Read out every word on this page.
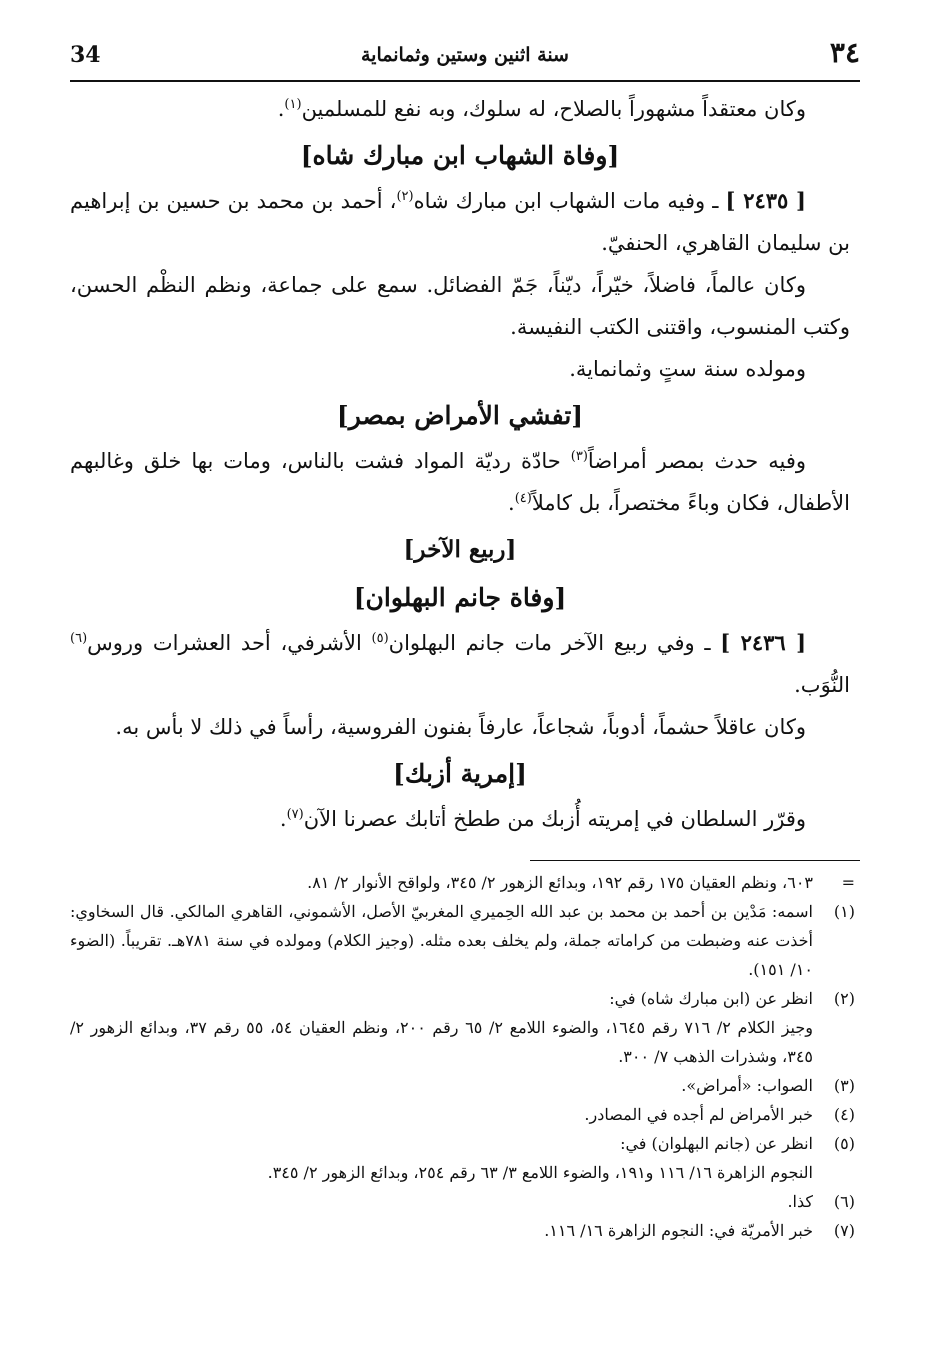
34	سنة اثنين وستين وثمانماية	٣٤

وكان معتقداً مشهوراً بالصلاح، له سلوك، وبه نفع للمسلمين$^{(١)}$.

[وفاة الشهاب ابن مبارك شاه]

[ ٢٤٣٥ ] ـ وفيه مات الشهاب ابن مبارك شاه$^{(٢)}$، أحمد بن محمد بن حسين بن إبراهيم بن سليمان القاهري، الحنفيّ.

وكان عالماً، فاضلاً، خيّراً، ديّناً، جَمّ الفضائل. سمع على جماعة، ونظم النظْم الحسن، وكتب المنسوب، واقتنى الكتب النفيسة.

ومولده سنة ستٍ وثمانماية.

[تفشي الأمراض بمصر]

وفيه حدث بمصر أمراضاً$^{(٣)}$ حادّة رديّة المواد فشت بالناس، ومات بها خلق وغالبهم الأطفال، فكان وباءً مختصراً، بل كاملاً$^{(٤)}$.

[ربيع الآخر]
[وفاة جانم البهلوان]

[ ٢٤٣٦ ] ـ وفي ربيع الآخر مات جانم البهلوان$^{(٥)}$ الأشرفي، أحد العشرات وروس$^{(٦)}$ النُّوَب.

وكان عاقلاً حشماً، أدوباً، شجاعاً، عارفاً بفنون الفروسية، رأساً في ذلك لا بأس به.

[إمرية أزبك]

وقرّر السلطان في إمريته أُزبك من ططخ أتابك عصرنا الآن$^{(٧)}$.

=
٦٠٣، ونظم العقيان ١٧٥ رقم ١٩٢، وبدائع الزهور ٢/ ٣٤٥، ولواقح الأنوار ٢/ ٨١.
(١)
اسمه: مَدْين بن أحمد بن محمد بن عبد الله الحِميري المغربيّ الأصل، الأشموني، القاهري المالكي. قال السخاوي: أخذت عنه وضبطت من كراماته جملة، ولم يخلف بعده مثله. (وجيز الكلام) ومولده في سنة ٧٨١هـ. تقريباً. (الضوء ١٠/ ١٥١).
(٢)
انظر عن (ابن مبارك شاه) في:
وجيز الكلام ٢/ ٧١٦ رقم ١٦٤٥، والضوء اللامع ٢/ ٦٥ رقم ٢٠٠، ونظم العقيان ٥٤، ٥٥ رقم ٣٧، وبدائع الزهور ٢/ ٣٤٥، وشذرات الذهب ٧/ ٣٠٠.
(٣)
الصواب: «أمراض».
(٤)
خبر الأمراض لم أجده في المصادر.
(٥)
انظر عن (جانم البهلوان) في:
النجوم الزاهرة ١٦/ ١١٦ و١٩١، والضوء اللامع ٣/ ٦٣ رقم ٢٥٤، وبدائع الزهور ٢/ ٣٤٥.
(٦)
كذا.
(٧)
خبر الأمريّة في: النجوم الزاهرة ١٦/ ١١٦.
